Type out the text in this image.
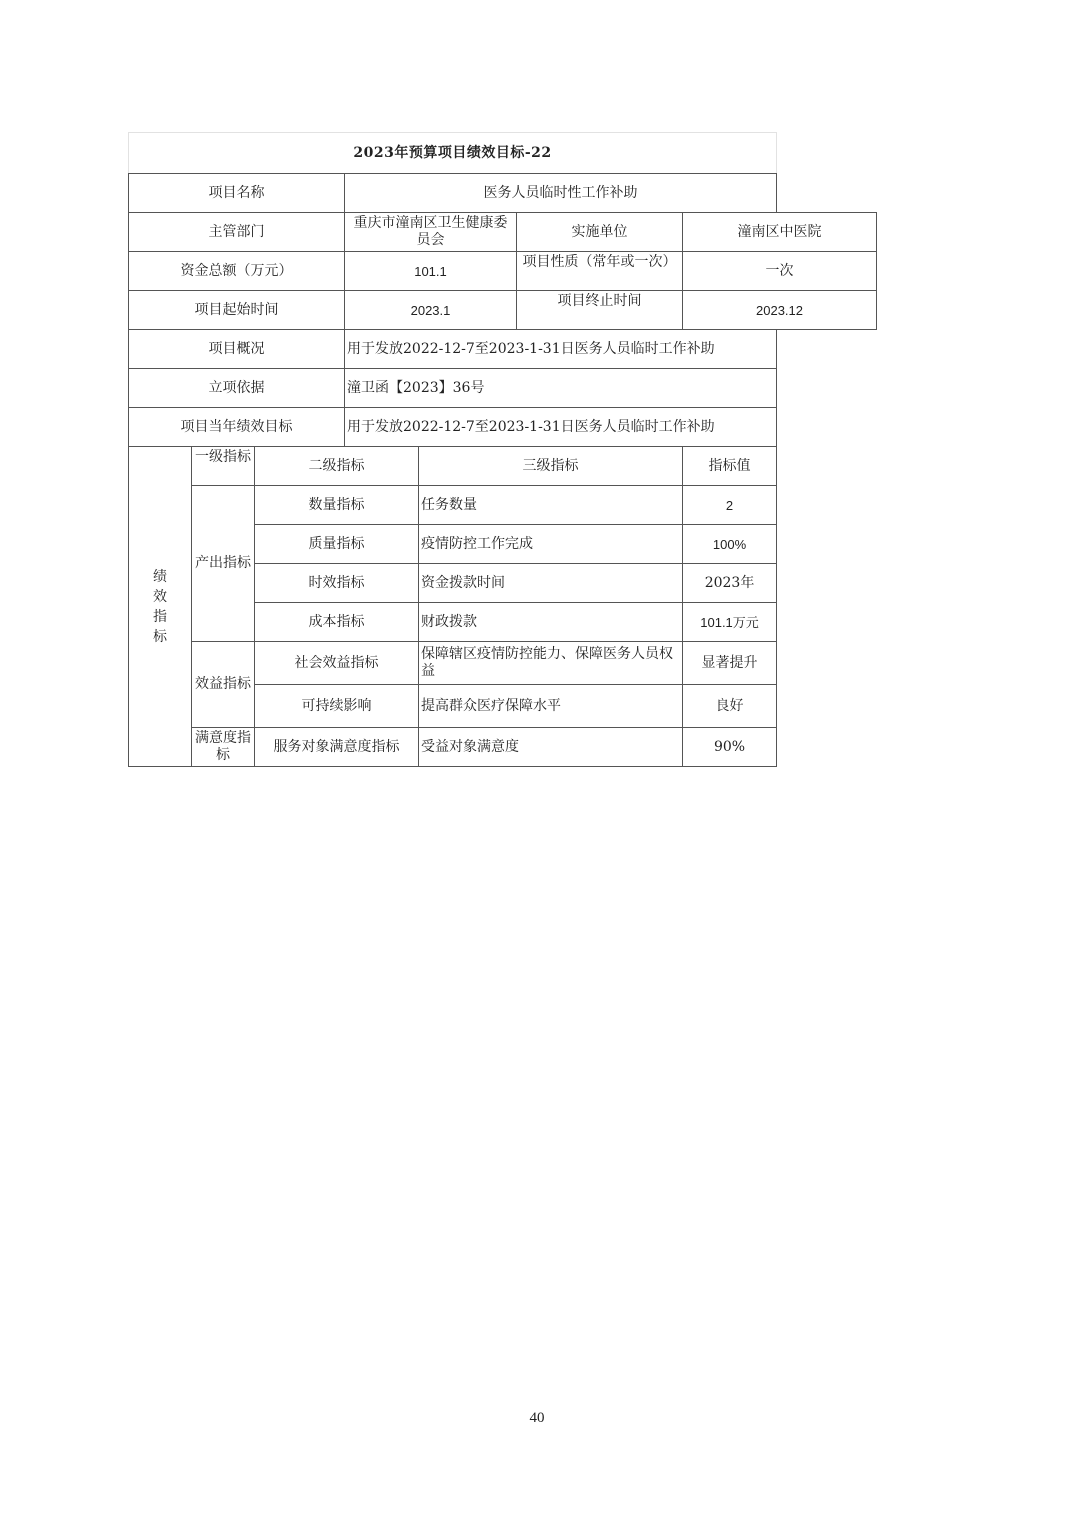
2023年预算项目绩效目标-22						
项目名称			医务人员临时性工作补助			
主管部门			重庆市潼南区卫生健康委员会		实施单位	潼南区中医院
资金总额（万元）			101.1		项目性质（常年或一次）	一次
项目起始时间			2023.1		项目终止时间	2023.12
项目概况			用于发放2022-12-7至2023-1-31日医务人员临时工作补助			
立项依据			潼卫函【2023】36号			
项目当年绩效目标			用于发放2022-12-7至2023-1-31日医务人员临时工作补助			

绩效指标	一级指标	二级指标		三级指标		指标值
	产出指标	数量指标		任务数量		2
		质量指标		疫情防控工作完成		100%
		时效指标		资金拨款时间		2023年
		成本指标		财政拨款		101.1万元
	效益指标	社会效益指标		保障辖区疫情防控能力、保障医务人员权益		显著提升
		可持续影响		提高群众医疗保障水平		良好

	满意度指标	服务对象满意度指标		受益对象满意度		90%
40
